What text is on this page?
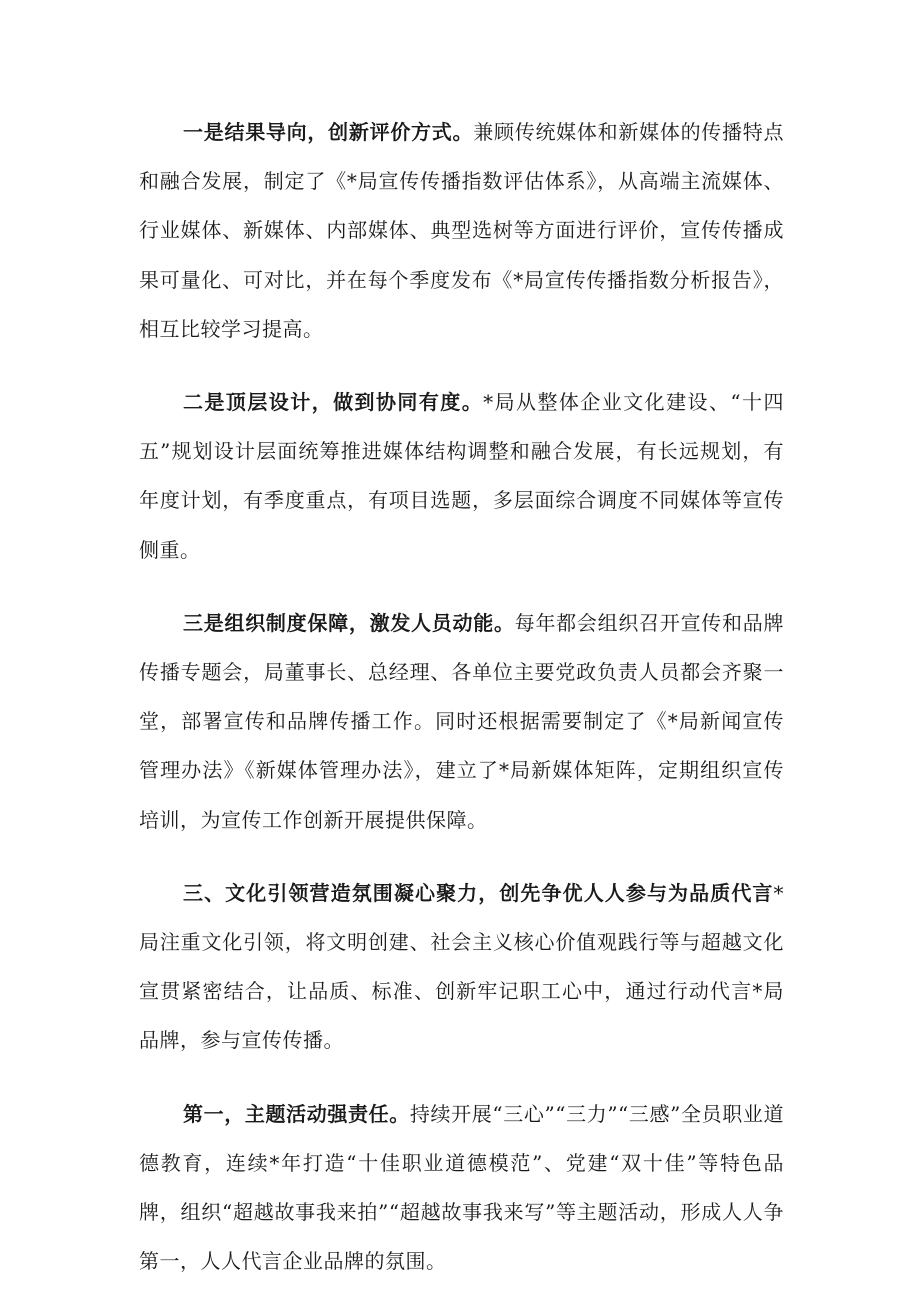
一是结果导向，创新评价方式。兼顾传统媒体和新媒体的传播特点和融合发展，制定了《*局宣传传播指数评估体系》，从高端主流媒体、行业媒体、新媒体、内部媒体、典型选树等方面进行评价，宣传传播成果可量化、可对比，并在每个季度发布《*局宣传传播指数分析报告》，相互比较学习提高。

二是顶层设计，做到协同有度。*局从整体企业文化建设、“十四五”规划设计层面统筹推进媒体结构调整和融合发展，有长远规划，有年度计划，有季度重点，有项目选题，多层面综合调度不同媒体等宣传侧重。

三是组织制度保障，激发人员动能。每年都会组织召开宣传和品牌传播专题会，局董事长、总经理、各单位主要党政负责人员都会齐聚一堂，部署宣传和品牌传播工作。同时还根据需要制定了《*局新闻宣传管理办法》《新媒体管理办法》，建立了*局新媒体矩阵，定期组织宣传培训，为宣传工作创新开展提供保障。

三、文化引领营造氛围凝心聚力，创先争优人人参与为品质代言*局注重文化引领，将文明创建、社会主义核心价值观践行等与超越文化宣贯紧密结合，让品质、标准、创新牢记职工心中，通过行动代言*局品牌，参与宣传传播。

第一，主题活动强责任。持续开展“三心”“三力”“三感”全员职业道德教育，连续*年打造“十佳职业道德模范”、党建“双十佳”等特色品牌，组织“超越故事我来拍”“超越故事我来写”等主题活动，形成人人争第一，人人代言企业品牌的氛围。
